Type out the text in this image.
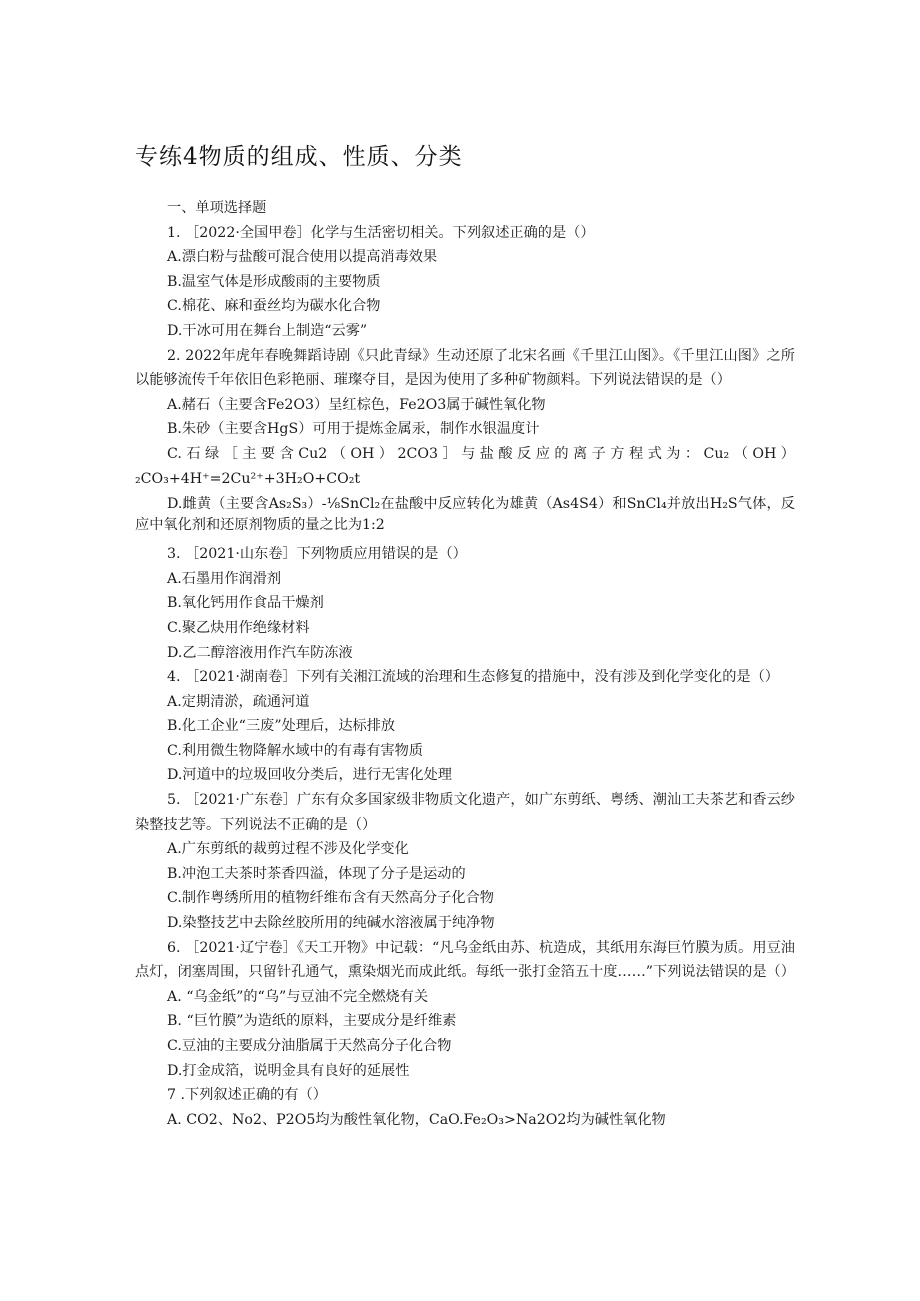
专练4物质的组成、性质、分类

一、单项选择题

1. ［2022·全国甲卷］化学与生活密切相关。下列叙述正确的是（）

A.漂白粉与盐酸可混合使用以提高消毒效果

B.温室气体是形成酸雨的主要物质

C.棉花、麻和蚕丝均为碳水化合物

D.干冰可用在舞台上制造“云雾”

2. 2022年虎年春晚舞蹈诗剧《只此青绿》生动还原了北宋名画《千里江山图》。《千里江山图》之所以能够流传千年依旧色彩艳丽、璀璨夺目，是因为使用了多种矿物颜料。下列说法错误的是（）

A.赭石（主要含Fe2O3）呈红棕色，Fe2O3属于碱性氧化物

B.朱砂（主要含HgS）可用于提炼金属汞，制作水银温度计

C.石绿［主要含Cu2（OH）2CO3］与盐酸反应的离子方程式为：Cu₂（OH）₂CO₃+4H⁺=2Cu²⁺+3H₂O+CO₂t

D.雌黄（主要含As₂S₃）-⅛SnCl₂在盐酸中反应转化为雄黄（As4S4）和SnCl₄并放出H₂S气体，反应中氧化剂和还原剂物质的量之比为1:2

3. ［2021·山东卷］下列物质应用错误的是（）

A.石墨用作润滑剂

B.氧化钙用作食品干燥剂

C.聚乙炔用作绝缘材料

D.乙二醇溶液用作汽车防冻液

4. ［2021·湖南卷］下列有关湘江流域的治理和生态修复的措施中，没有涉及到化学变化的是（）

A.定期清淤，疏通河道

B.化工企业“三废”处理后，达标排放

C.利用微生物降解水域中的有毒有害物质

D.河道中的垃圾回收分类后，进行无害化处理

5. ［2021·广东卷］广东有众多国家级非物质文化遗产，如广东剪纸、粤绣、潮汕工夫茶艺和香云纱染整技艺等。下列说法不正确的是（）

A.广东剪纸的裁剪过程不涉及化学变化

B.冲泡工夫茶时茶香四溢，体现了分子是运动的

C.制作粤绣所用的植物纤维布含有天然高分子化合物

D.染整技艺中去除丝胶所用的纯碱水溶液属于纯净物

6. ［2021·辽宁卷］《天工开物》中记载：“凡乌金纸由苏、杭造成，其纸用东海巨竹膜为质。用豆油点灯，闭塞周围，只留针孔通气，熏染烟光而成此纸。每纸一张打金箔五十度……”下列说法错误的是（）

A. “乌金纸”的“乌”与豆油不完全燃烧有关

B. “巨竹膜”为造纸的原料，主要成分是纤维素

C.豆油的主要成分油脂属于天然高分子化合物

D.打金成箔，说明金具有良好的延展性

7 .下列叙述正确的有（）

A. CO2、No2、P2O5均为酸性氧化物，CaO.Fe₂O₃>Na2O2均为碱性氧化物
